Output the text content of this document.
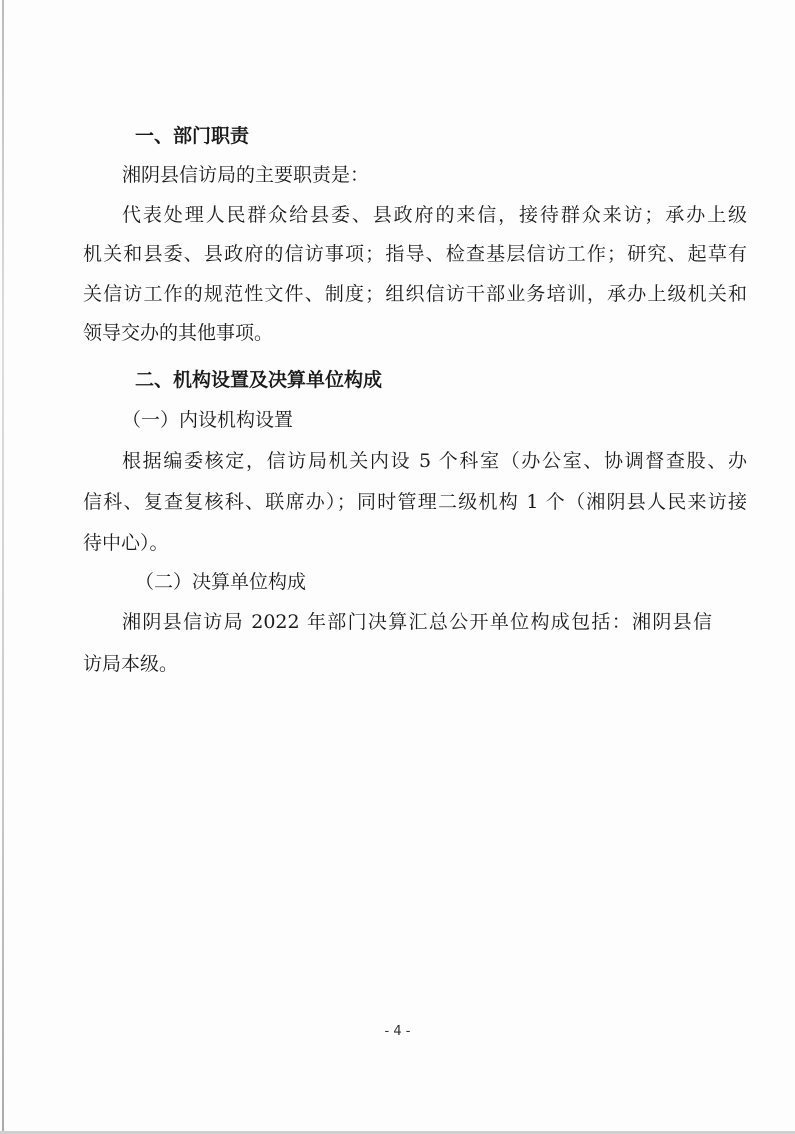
一、部门职责
湘阴县信访局的主要职责是：
代表处理人民群众给县委、县政府的来信，接待群众来访；承办上级
机关和县委、县政府的信访事项；指导、检查基层信访工作；研究、起草有
关信访工作的规范性文件、制度；组织信访干部业务培训，承办上级机关和
领导交办的其他事项。
二、机构设置及决算单位构成
（一）内设机构设置
根据编委核定，信访局机关内设 5 个科室（办公室、协调督查股、办
信科、复查复核科、联席办）；同时管理二级机构 1 个（湘阴县人民来访接
待中心）。
（二）决算单位构成
湘阴县信访局 2022 年部门决算汇总公开单位构成包括：湘阴县信
访局本级。
- 4 -
